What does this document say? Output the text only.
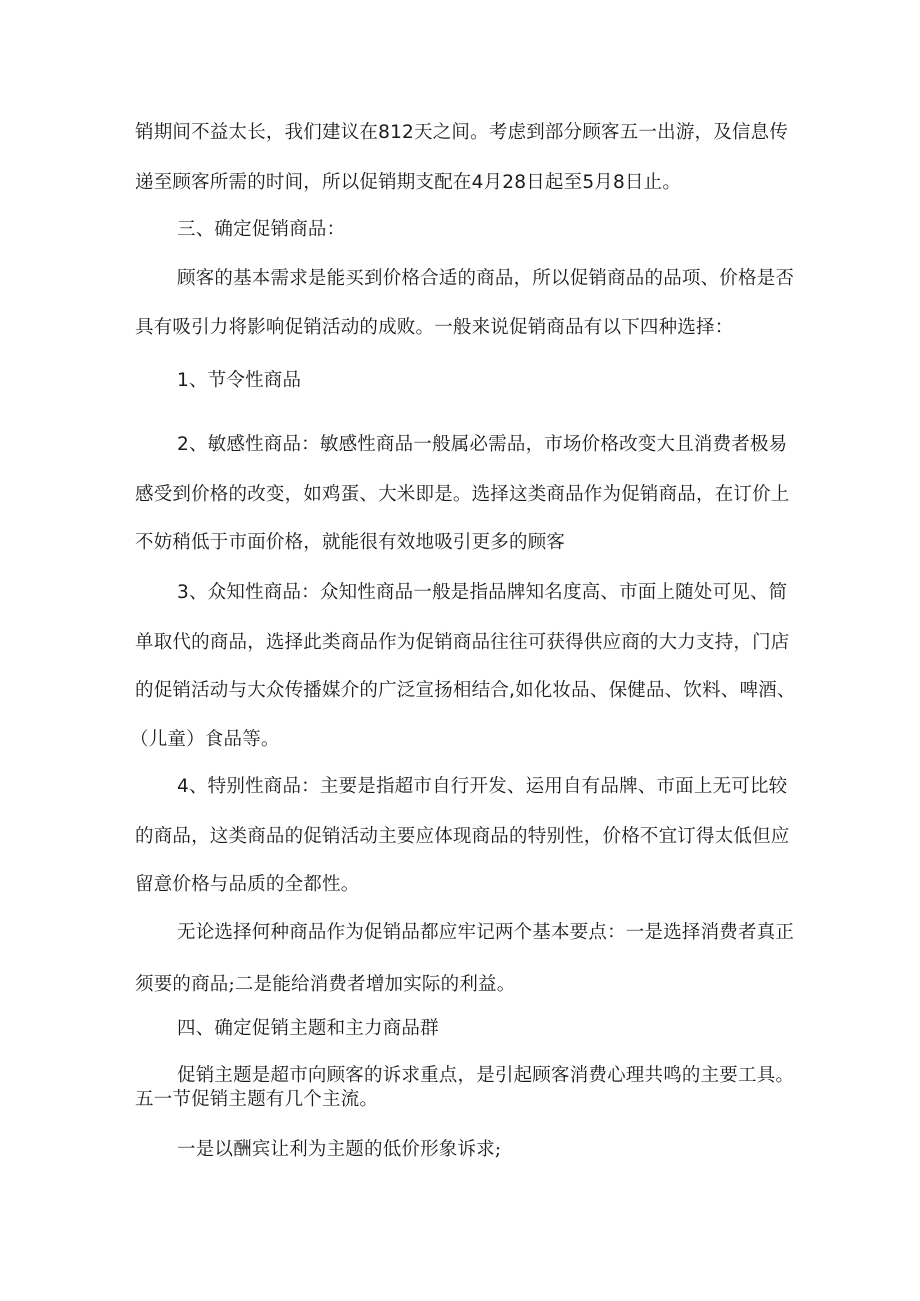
销期间不益太长，我们建议在812天之间。考虑到部分顾客五一出游，及信息传
递至顾客所需的时间，所以促销期支配在4月28日起至5月8日止。
三、确定促销商品：
顾客的基本需求是能买到价格合适的商品，所以促销商品的品项、价格是否
具有吸引力将影响促销活动的成败。一般来说促销商品有以下四种选择：
1、节令性商品
2、敏感性商品：敏感性商品一般属必需品，市场价格改变大且消费者极易
感受到价格的改变，如鸡蛋、大米即是。选择这类商品作为促销商品，在订价上
不妨稍低于市面价格，就能很有效地吸引更多的顾客
3、众知性商品：众知性商品一般是指品牌知名度高、市面上随处可见、简
单取代的商品，选择此类商品作为促销商品往往可获得供应商的大力支持，门店
的促销活动与大众传播媒介的广泛宣扬相结合,如化妆品、保健品、饮料、啤酒、
（儿童）食品等。
4、特别性商品：主要是指超市自行开发、运用自有品牌、市面上无可比较
的商品，这类商品的促销活动主要应体现商品的特别性，价格不宜订得太低但应
留意价格与品质的全都性。
无论选择何种商品作为促销品都应牢记两个基本要点：一是选择消费者真正
须要的商品;二是能给消费者增加实际的利益。
四、确定促销主题和主力商品群
促销主题是超市向顾客的诉求重点，是引起顾客消费心理共鸣的主要工具。
五一节促销主题有几个主流。
一是以酬宾让利为主题的低价形象诉求;
